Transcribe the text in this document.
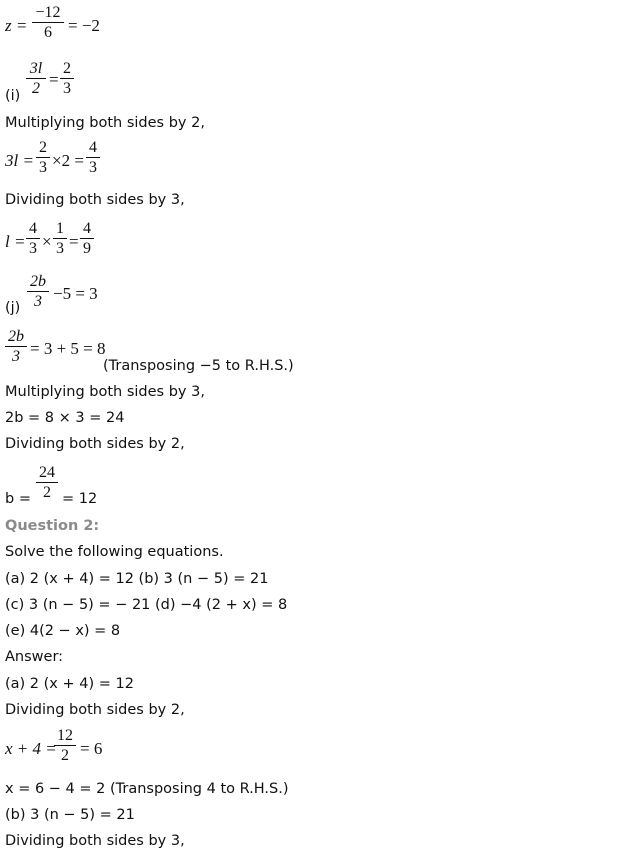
z =
−12
6 = −2
(i)
3l
2 =
2
3
Multiplying both sides by 2,
3l =
2
3 ×2 =
4
3
Dividing both sides by 3,
l =
4
3 ×
1
3 =
4
9
(j)
2b
3 −5 = 3
2b
3 = 3 + 5 = 8
(Transposing −5 to R.H.S.)
Multiplying both sides by 3,
2b = 8 × 3 = 24
Dividing both sides by 2,
b =
24
2 = 12
Question 2:
Solve the following equations.
(a) 2 (x + 4) = 12 (b) 3 (n − 5) = 21
(c) 3 (n − 5) = − 21 (d) −4 (2 + x) = 8
(e) 4(2 − x) = 8
Answer:
(a) 2 (x + 4) = 12
Dividing both sides by 2,
x + 4 =
12
2 = 6
x = 6 − 4 = 2 (Transposing 4 to R.H.S.)
(b) 3 (n − 5) = 21
Dividing both sides by 3,
